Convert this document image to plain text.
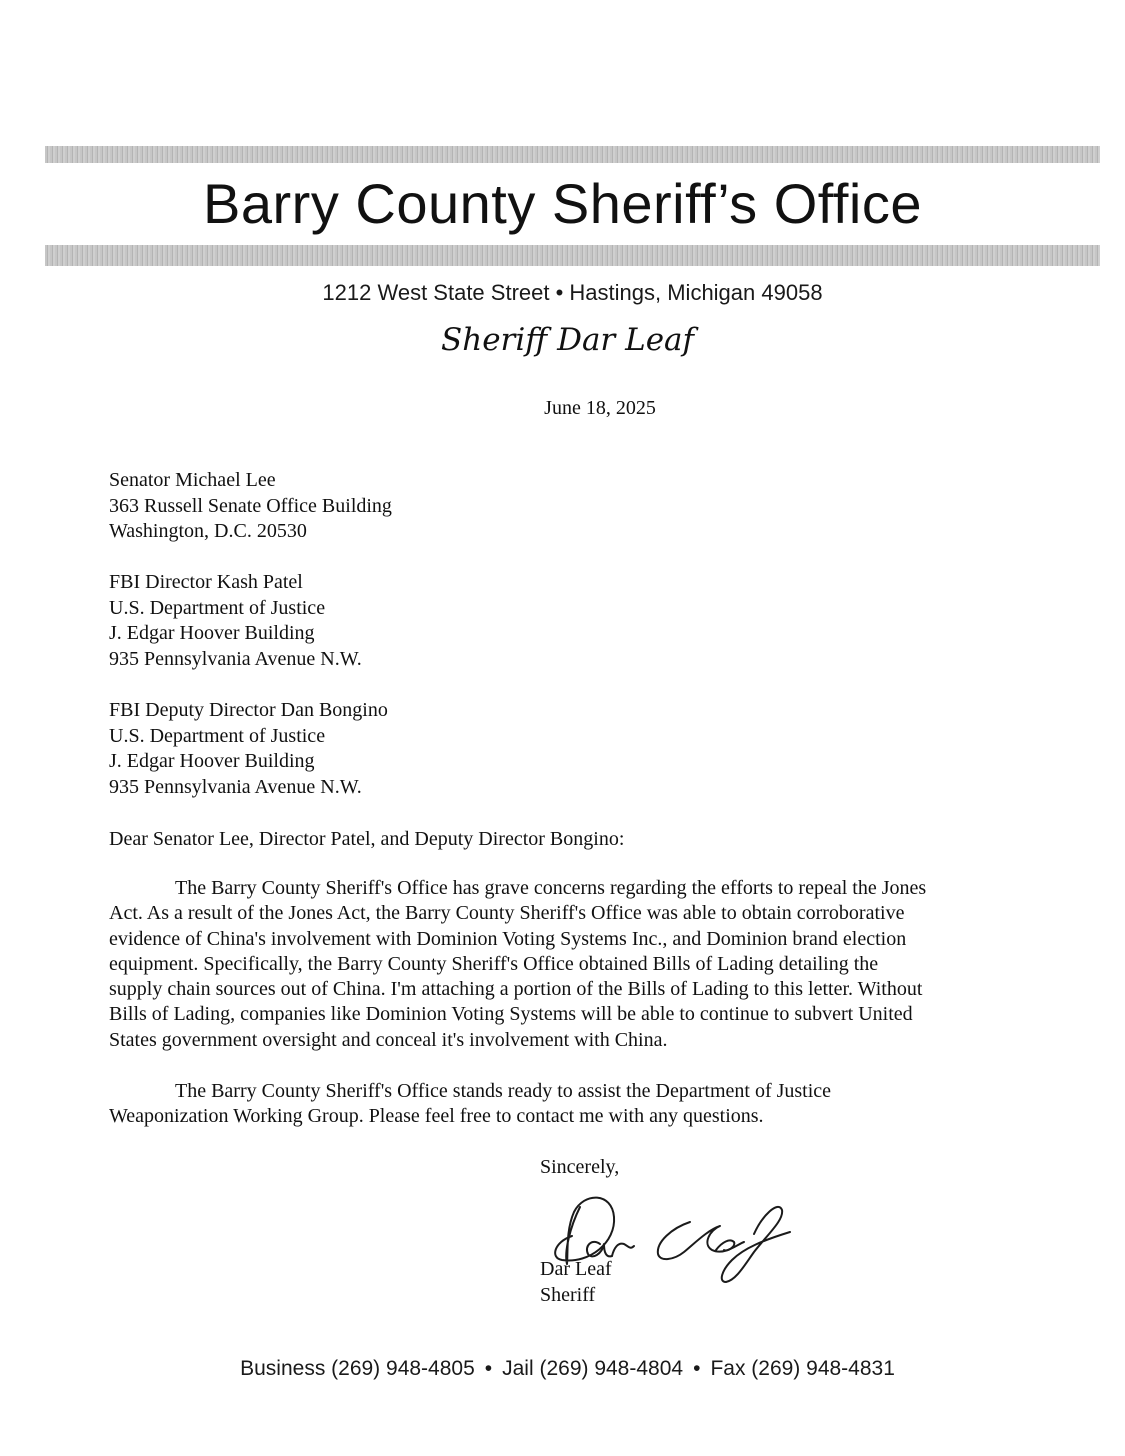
Barry County Sheriff’s Office
1212 West State Street • Hastings, Michigan 49058
Sheriff Dar Leaf
June 18, 2025
Senator Michael Lee
363 Russell Senate Office Building
Washington, D.C. 20530
FBI Director Kash Patel
U.S. Department of Justice
J. Edgar Hoover Building
935 Pennsylvania Avenue N.W.
FBI Deputy Director Dan Bongino
U.S. Department of Justice
J. Edgar Hoover Building
935 Pennsylvania Avenue N.W.
Dear Senator Lee, Director Patel, and Deputy Director Bongino:
The Barry County Sheriff's Office has grave concerns regarding the efforts to repeal the Jones
Act. As a result of the Jones Act, the Barry County Sheriff's Office was able to obtain corroborative
evidence of China's involvement with Dominion Voting Systems Inc., and Dominion brand election
equipment. Specifically, the Barry County Sheriff's Office obtained Bills of Lading detailing the
supply chain sources out of China. I'm attaching a portion of the Bills of Lading to this letter. Without
Bills of Lading, companies like Dominion Voting Systems will be able to continue to subvert United
States government oversight and conceal it's involvement with China.
The Barry County Sheriff's Office stands ready to assist the Department of Justice
Weaponization Working Group. Please feel free to contact me with any questions.
Sincerely,
Dar Leaf
Sheriff
Business (269) 948-4805 • Jail (269) 948-4804 • Fax (269) 948-4831
